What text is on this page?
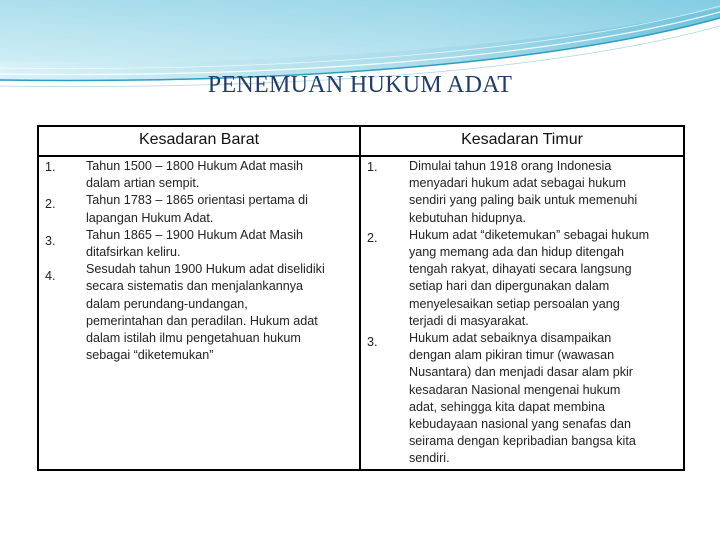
PENEMUAN HUKUM ADAT
Kesadaran Barat	Kesadaran Timur
1.
2.
3.
4.
Tahun 1500 – 1800 Hukum Adat masih
dalam artian sempit.
Tahun 1783 – 1865 orientasi pertama di
lapangan Hukum Adat.
Tahun 1865 – 1900 Hukum Adat Masih
ditafsirkan keliru.
Sesudah tahun 1900 Hukum adat diselidiki
secara sistematis dan menjalankannya
dalam perundang-undangan,
pemerintahan dan peradilan. Hukum adat
dalam istilah ilmu pengetahuan hukum
sebagai “diketemukan”
1.
2.
3.
Dimulai tahun 1918 orang Indonesia
menyadari hukum adat sebagai hukum
sendiri yang paling baik untuk memenuhi
kebutuhan hidupnya.
Hukum adat “diketemukan” sebagai hukum
yang memang ada dan hidup ditengah
tengah rakyat, dihayati secara langsung
setiap hari dan dipergunakan dalam
menyelesaikan setiap persoalan yang
terjadi di masyarakat.
Hukum adat sebaiknya disampaikan
dengan alam pikiran timur (wawasan
Nusantara) dan menjadi dasar alam pkir
kesadaran Nasional mengenai hukum
adat, sehingga kita dapat membina
kebudayaan nasional yang senafas dan
seirama dengan kepribadian bangsa kita
sendiri.
